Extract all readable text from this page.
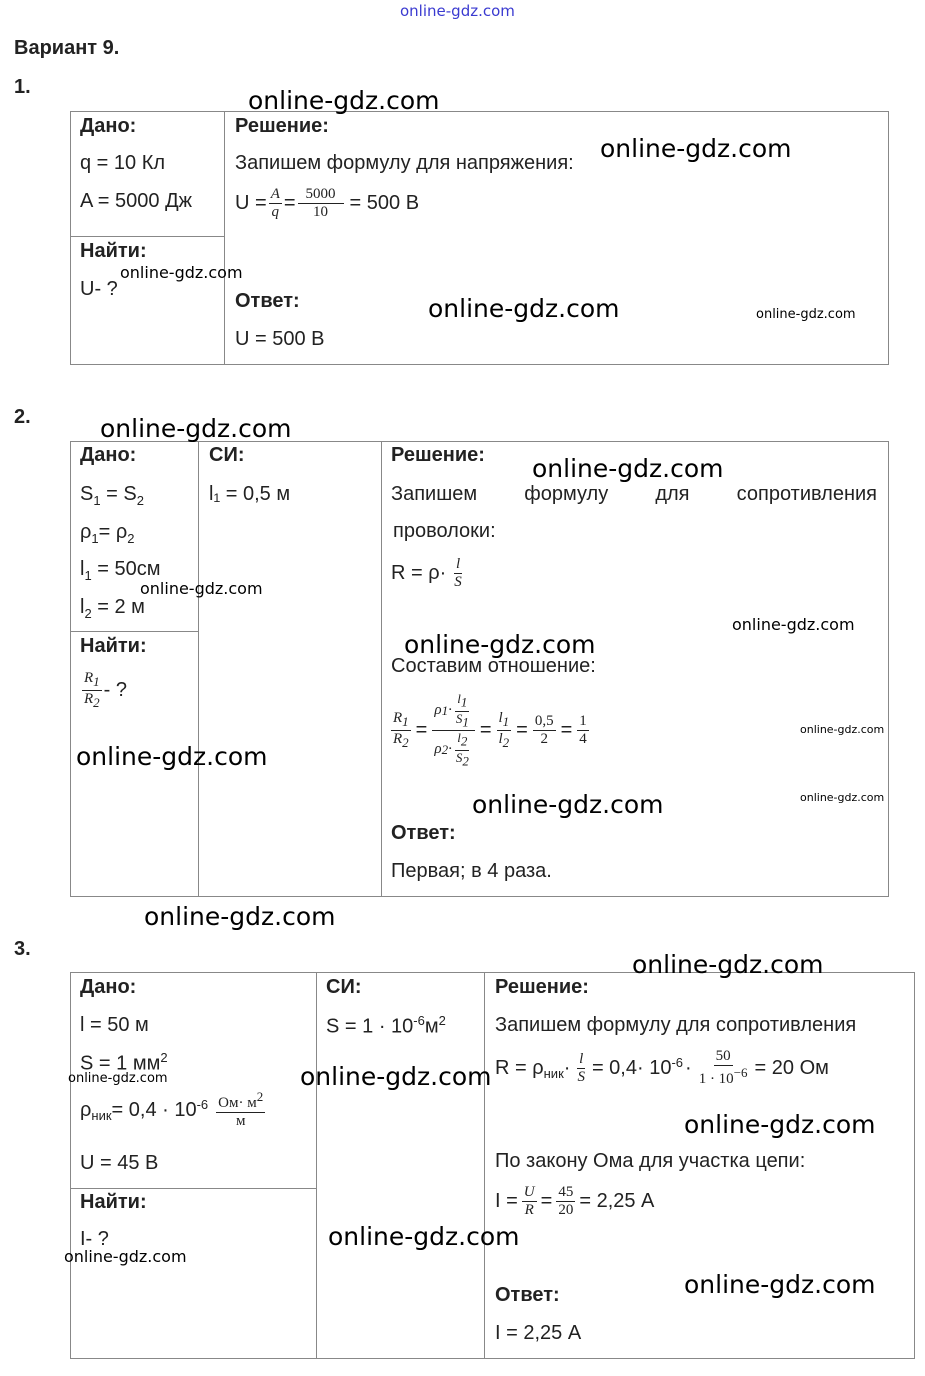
online-gdz.com
Вариант 9.
1.
Дано:
q = 10 Кл
A = 5000 Дж
Найти:
U- ?
Решение:
Запишем формулу для напряжения:
$U = \frac{A}{q} = \frac{5000}{10} = 500$ В
Ответ:
U = 500 В
2.
Дано:
$S_1 = S_2$
$\rho_1= \rho_2$
$l_1 = 50см$
$l_2 = 2$ м
Найти:
$\frac{R_1}{R_2}$ - ?
СИ:
l₁ = 0,5 м
Решение:
Запишем формулу для сопротивления
проволоки:
$R = \rho\cdot \frac{l}{S}$
Составим отношение:
$\frac{R_1}{R_2} = \frac{\rho 1 \cdot \frac{l_1}{S_1}}{\rho 2 \cdot \frac{l_2}{S_2}} = \frac{l_1}{l_2} = \frac{0,5}{2} = \frac{1}{4}$
Ответ:
Первая; в 4 раза.
3.
Дано:
l = 50 м
S = 1 $мм^2$
$\rho_{ник} = 0,4 \cdot 10^{-6} \frac{Ом\cdot м^2}{м}$
U = 45 В
Найти:
I- ?
СИ:
$S = 1 \cdot 10^{-6}м^2$
Решение:
Запишем формулу для сопротивления
$R = \rho_{ник} \cdot \frac{l}{S} = 0,4\cdot 10^{-6} \cdot \frac{50}{1 \cdot 10^{-6}} = 20$ Ом
По закону Ома для участка цепи:
$I = \frac{U}{R} = \frac{45}{20} = 2,25$ А
Ответ:
I = 2,25 А
online-gdz.com
online-gdz.com
online-gdz.com
online-gdz.com	online-gdz.com
online-gdz.com
online-gdz.com
online-gdz.com
online-gdz.com
online-gdz.com
online-gdz.com
online-gdz.com
online-gdz.com
online-gdz.com
online-gdz.com
online-gdz.com
online-gdz.com	online-gdz.com
online-gdz.com
online-gdz.com
online-gdz.com
online-gdz.com
